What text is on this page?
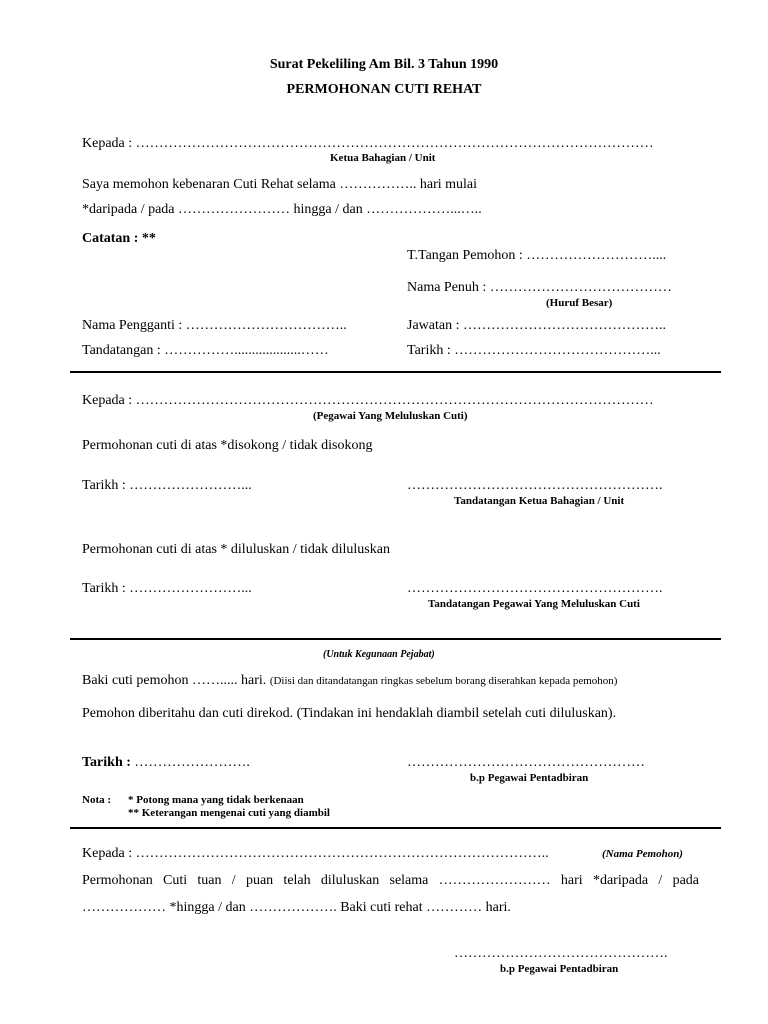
Surat Pekeliling Am Bil. 3 Tahun 1990
PERMOHONAN CUTI REHAT
Kepada : …………………………………………………………………………………………………
Ketua Bahagian / Unit
Saya memohon kebenaran Cuti Rehat selama …………….. hari mulai
*daripada / pada …………………… hingga / dan ………………...…..
Catatan : **
T.Tangan Pemohon : ………………………....
Nama Penuh : …………………………………
(Huruf Besar)
Nama Pengganti : ……………………………..	Jawatan : ……………………………………..
Tandatangan : ……………...................……	Tarikh : ……………………………………...
Kepada : …………………………………………………………………………………………………
(Pegawai Yang Meluluskan Cuti)
Permohonan cuti di atas *disokong / tidak disokong
Tarikh : ……………………...	……………………………………………….
Tandatangan Ketua Bahagian / Unit
Permohonan cuti di atas * diluluskan / tidak diluluskan
Tarikh : ……………………...	……………………………………………….
Tandatangan Pegawai Yang Meluluskan Cuti
(Untuk Kegunaan Pejabat)
Baki cuti pemohon ……..... hari. (Diisi dan ditandatangan ringkas sebelum borang diserahkan kepada pemohon)
Pemohon diberitahu dan cuti direkod. (Tindakan ini hendaklah diambil setelah cuti diluluskan).
Tarikh : …………………….	……………………………………………
b.p Pegawai Pentadbiran
Nota : * Potong mana yang tidak berkenaan
** Keterangan mengenai cuti yang diambil
Kepada : ……………………………………………………………………………..	(Nama Pemohon)
Permohonan Cuti tuan / puan telah diluluskan selama …………………… hari *daripada / pada
……………… *hingga / dan ………………. Baki cuti rehat ………… hari.
……………………………………….
b.p Pegawai Pentadbiran
